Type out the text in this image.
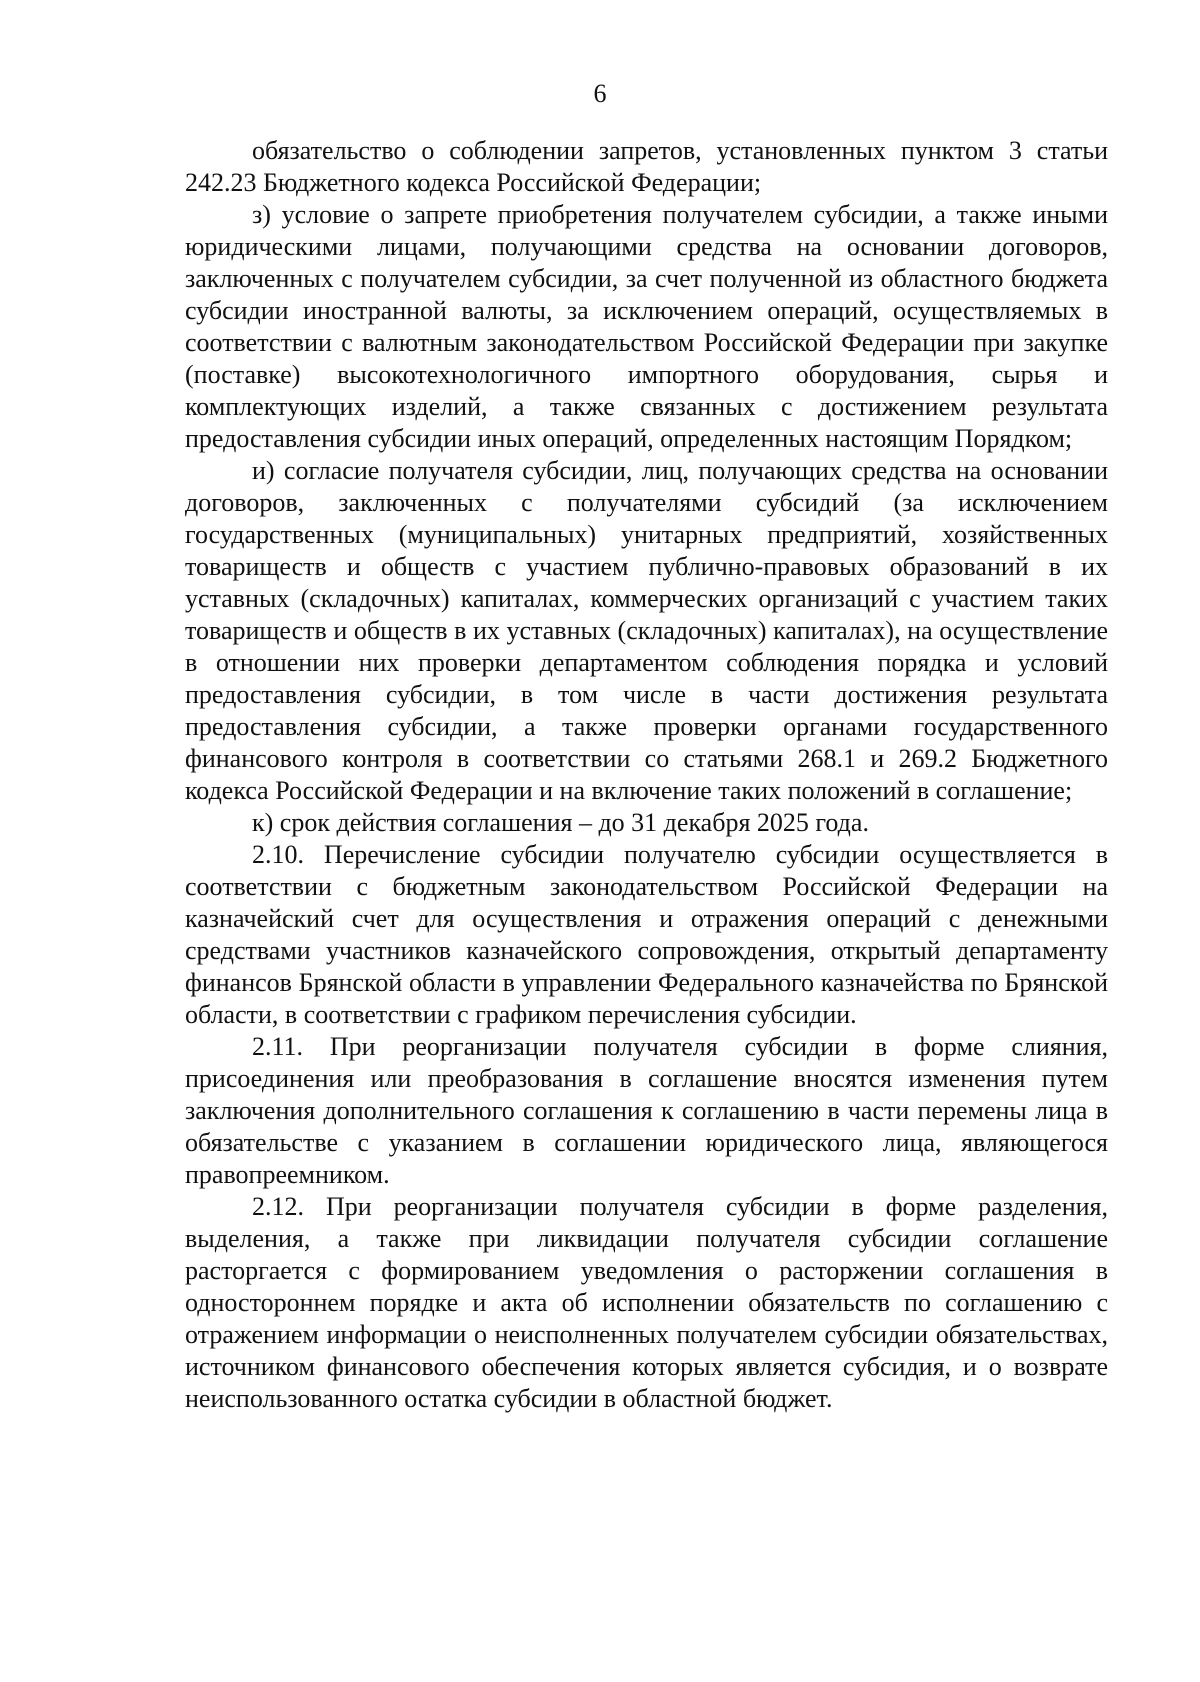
6

обязательство о соблюдении запретов, установленных пунктом 3 статьи 242.23 Бюджетного кодекса Российской Федерации;

з) условие о запрете приобретения получателем субсидии, а также иными юридическими лицами, получающими средства на основании договоров, заключенных с получателем субсидии, за счет полученной из областного бюджета субсидии иностранной валюты, за исключением операций, осуществляемых в соответствии с валютным законодательством Российской Федерации при закупке (поставке) высокотехнологичного импортного оборудования, сырья и комплектующих изделий, а также связанных с достижением результата предоставления субсидии иных операций, определенных настоящим Порядком;

и) согласие получателя субсидии, лиц, получающих средства на основании договоров, заключенных с получателями субсидий (за исключением государственных (муниципальных) унитарных предприятий, хозяйственных товариществ и обществ с участием публично-правовых образований в их уставных (складочных) капиталах, коммерческих организаций с участием таких товариществ и обществ в их уставных (складочных) капиталах), на осуществление в отношении них проверки департаментом соблюдения порядка и условий предоставления субсидии, в том числе в части достижения результата предоставления субсидии, а также проверки органами государственного финансового контроля в соответствии со статьями 268.1 и 269.2 Бюджетного кодекса Российской Федерации и на включение таких положений в соглашение;

к) срок действия соглашения – до 31 декабря 2025 года.

2.10. Перечисление субсидии получателю субсидии осуществляется в соответствии с бюджетным законодательством Российской Федерации на казначейский счет для осуществления и отражения операций с денежными средствами участников казначейского сопровождения, открытый департаменту финансов Брянской области в управлении Федерального казначейства по Брянской области, в соответствии с графиком перечисления субсидии.

2.11. При реорганизации получателя субсидии в форме слияния, присоединения или преобразования в соглашение вносятся изменения путем заключения дополнительного соглашения к соглашению в части перемены лица в обязательстве с указанием в соглашении юридического лица, являющегося правопреемником.

2.12. При реорганизации получателя субсидии в форме разделения, выделения, а также при ликвидации получателя субсидии соглашение расторгается с формированием уведомления о расторжении соглашения в одностороннем порядке и акта об исполнении обязательств по соглашению с отражением информации о неисполненных получателем субсидии обязательствах, источником финансового обеспечения которых является субсидия, и о возврате неиспользованного остатка субсидии в областной бюджет.
